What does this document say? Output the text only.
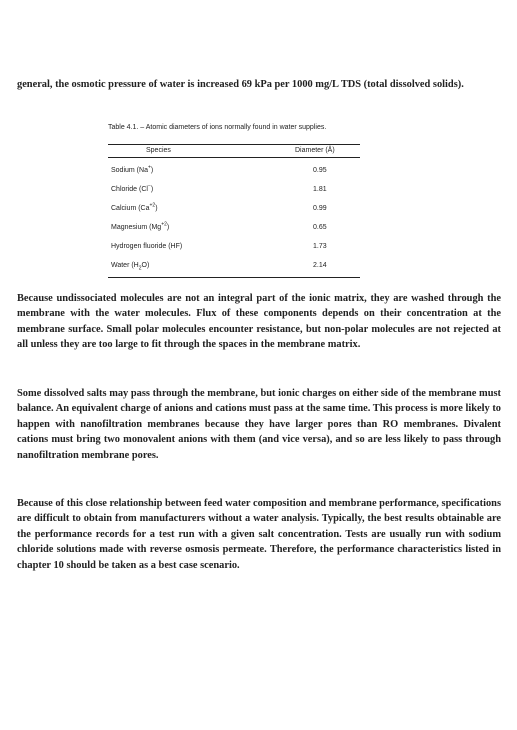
general, the osmotic pressure of water is increased 69 kPa per 1000 mg/L TDS (total dissolved solids).
Table 4.1. – Atomic diameters of ions normally found in water supplies.
Species	Diameter (Å)
Sodium (Na+)	0.95
Chloride (Cl−)	1.81
Calcium $(Ca^{+2})$	0.99
Magnesium $(Mg^{+2})$	0.65
Hydrogen fluoride (HF)	1.73
Water $(H_2O)$	2.14
Because undissociated molecules are not an integral part of the ionic matrix, they are washed through the membrane with the water molecules. Flux of these components depends on their concentration at the membrane surface. Small polar molecules encounter resistance, but non-polar molecules are not rejected at all unless they are too large to fit through the spaces in the membrane matrix.
Some dissolved salts may pass through the membrane, but ionic charges on either side of the membrane must balance. An equivalent charge of anions and cations must pass at the same time. This process is more likely to happen with nanofiltration membranes because they have larger pores than RO membranes. Divalent cations must bring two monovalent anions with them (and vice versa), and so are less likely to pass through nanofiltration membrane pores.
Because of this close relationship between feed water composition and membrane performance, specifications are difficult to obtain from manufacturers without a water analysis. Typically, the best results obtainable are the performance records for a test run with a given salt concentration. Tests are usually run with sodium chloride solutions made with reverse osmosis permeate. Therefore, the performance characteristics listed in chapter 10 should be taken as a best case scenario.
